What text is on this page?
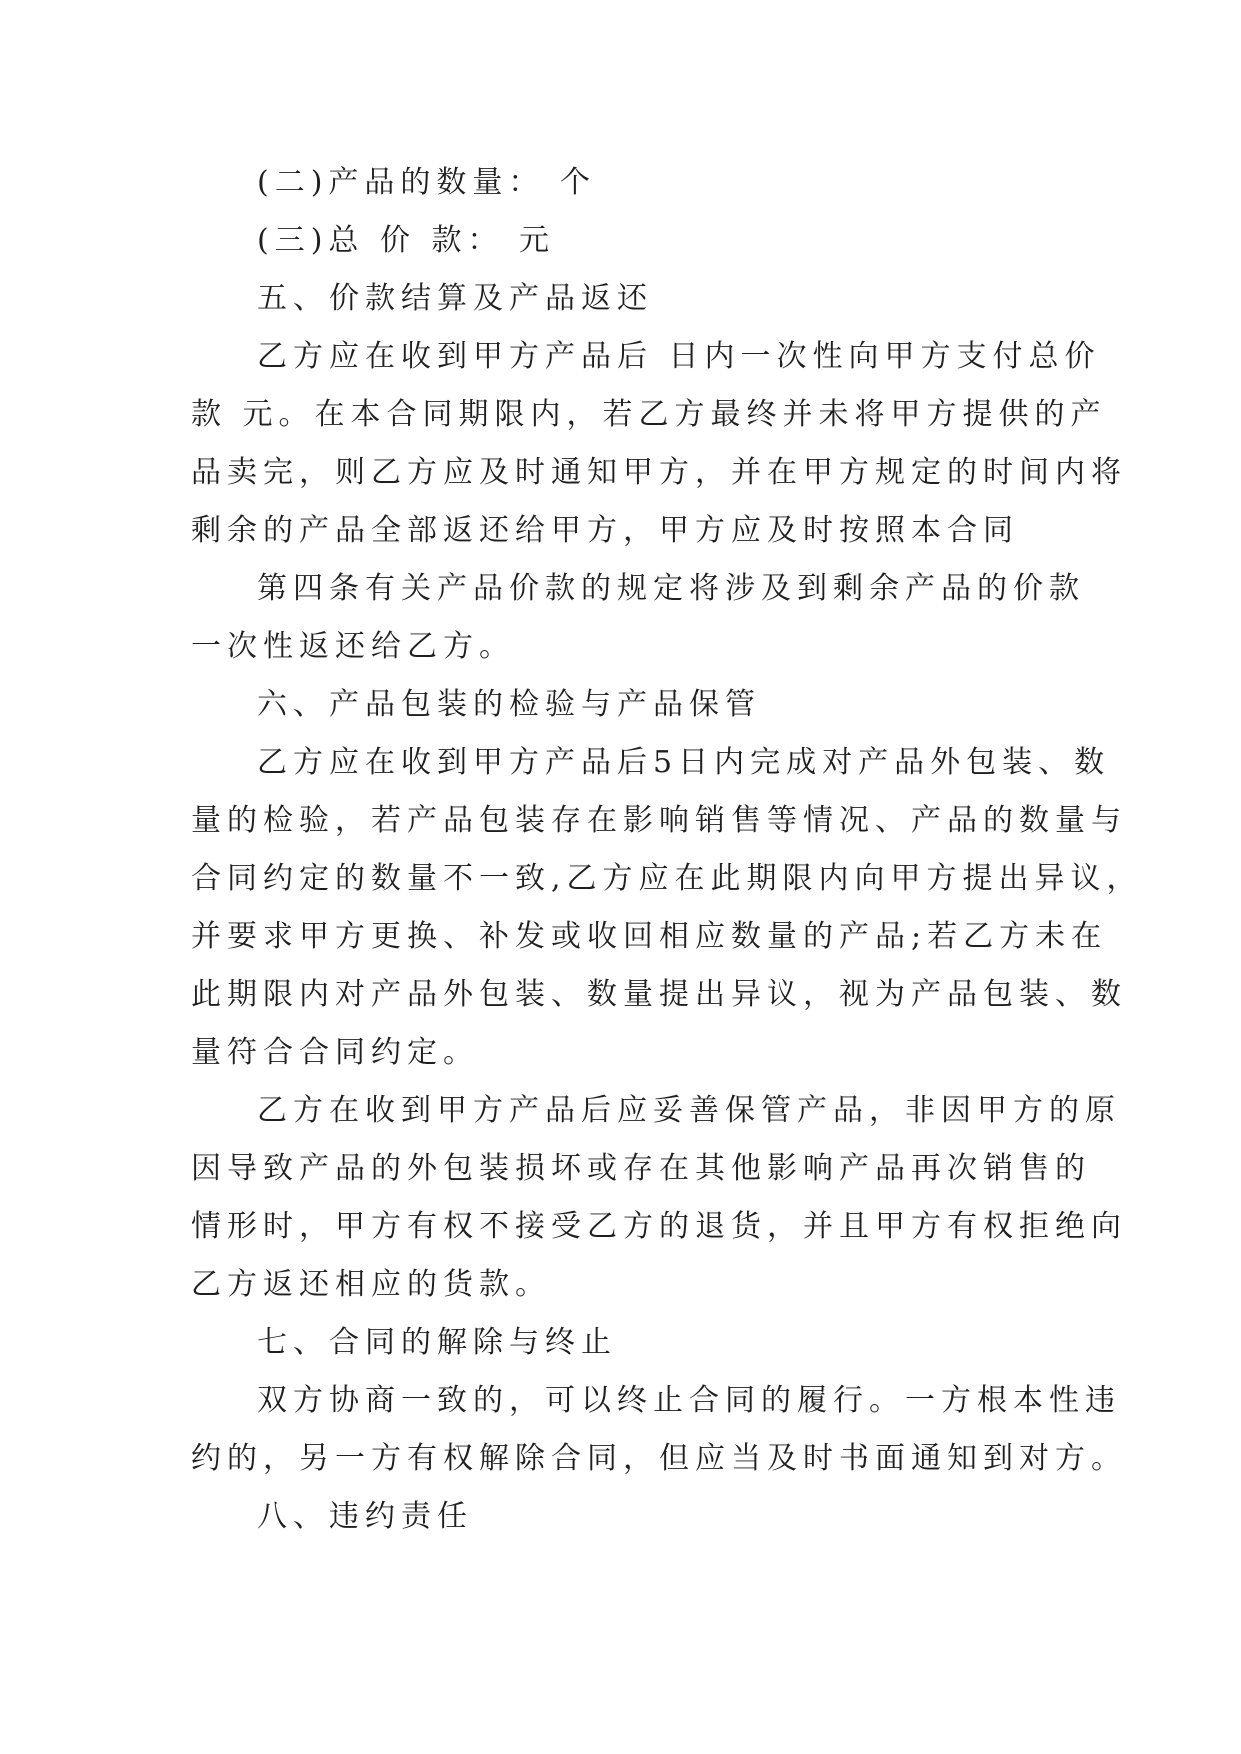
(二)产品的数量： 个

(三)总 价 款： 元

五、价款结算及产品返还

乙方应在收到甲方产品后 日内一次性向甲方支付总价

款 元。在本合同期限内，若乙方最终并未将甲方提供的产

品卖完，则乙方应及时通知甲方，并在甲方规定的时间内将

剩余的产品全部返还给甲方，甲方应及时按照本合同

第四条有关产品价款的规定将涉及到剩余产品的价款

一次性返还给乙方。

六、产品包装的检验与产品保管

乙方应在收到甲方产品后5日内完成对产品外包装、数

量的检验，若产品包装存在影响销售等情况、产品的数量与

合同约定的数量不一致,乙方应在此期限内向甲方提出异议，

并要求甲方更换、补发或收回相应数量的产品;若乙方未在

此期限内对产品外包装、数量提出异议，视为产品包装、数

量符合合同约定。

乙方在收到甲方产品后应妥善保管产品，非因甲方的原

因导致产品的外包装损坏或存在其他影响产品再次销售的

情形时，甲方有权不接受乙方的退货，并且甲方有权拒绝向

乙方返还相应的货款。

七、合同的解除与终止

双方协商一致的，可以终止合同的履行。一方根本性违

约的，另一方有权解除合同，但应当及时书面通知到对方。

八、违约责任
